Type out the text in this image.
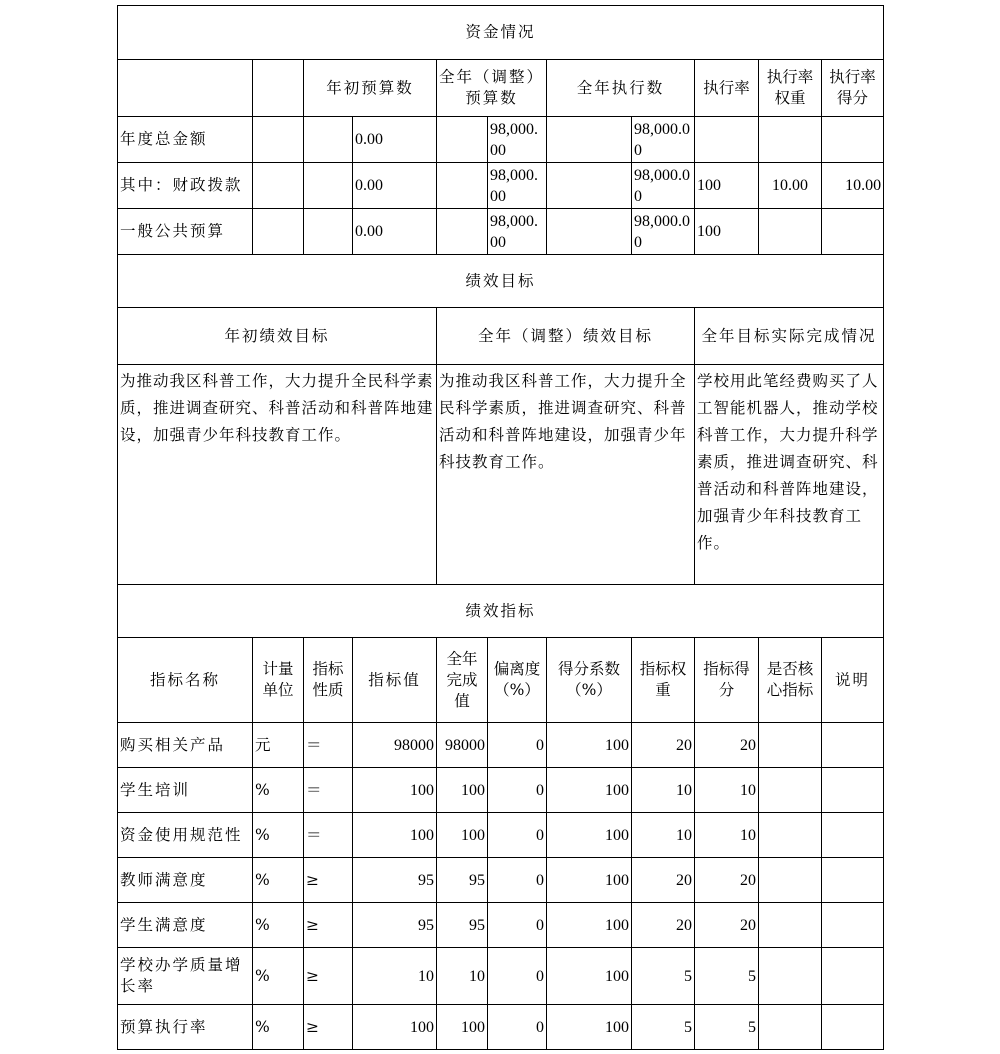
资金情况										
		年初预算数		全年（调整）预算数		全年执行数		执行率	执行率权重	执行率得分
年度总金额			0.00		98,000.00		98,000.00			
其中：财政拨款			0.00		98,000.00		98,000.00	100	10.00	10.00
一般公共预算			0.00		98,000.00		98,000.00	100		
绩效目标										
年初绩效目标				全年（调整）绩效目标				全年目标实际完成情况		
为推动我区科普工作，大力提升全民科学素质，推进调查研究、科普活动和科普阵地建设，加强青少年科技教育工作。				为推动我区科普工作，大力提升全民科学素质，推进调查研究、科普活动和科普阵地建设，加强青少年科技教育工作。				学校用此笔经费购买了人工智能机器人，推动学校科普工作，大力提升科学素质，推进调查研究、科普活动和科普阵地建设，加强青少年科技教育工作。		
绩效指标										
指标名称	计量单位	指标性质	指标值	全年完成值	偏离度（%）	得分系数（%）	指标权重	指标得分	是否核心指标	说明
购买相关产品	元	＝	98000	98000	0	100	20	20		
学生培训	%	＝	100	100	0	100	10	10		
资金使用规范性	%	＝	100	100	0	100	10	10		
教师满意度	%	≥	95	95	0	100	20	20		
学生满意度	%	≥	95	95	0	100	20	20		
学校办学质量增长率	%	≥	10	10	0	100	5	5		
预算执行率	%	≥	100	100	0	100	5	5		
